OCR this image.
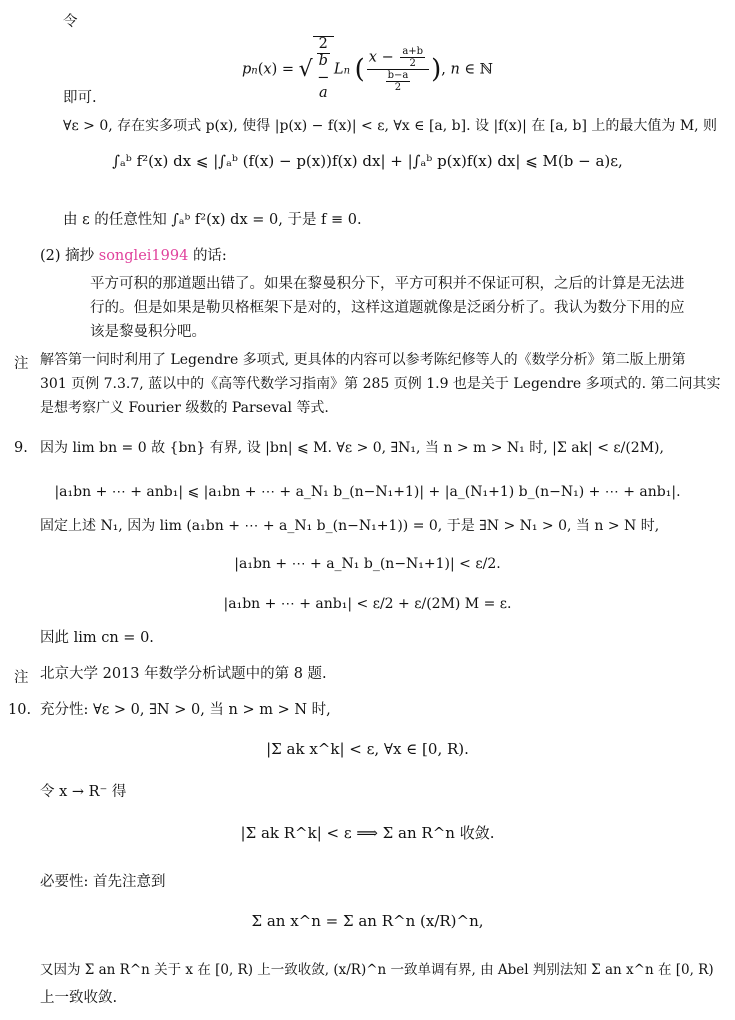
令
pn(x) = √
2
b
−
a
Ln ( $\frac{x - \frac{a+b}{2}}{\frac{b-a}{2}}$ ), n ∈ ℕ
即可.
∀ε > 0, 存在实多项式 p(x), 使得 |p(x) − f(x)| < ε, ∀x ∈ [a, b]. 设 |f(x)| 在 [a, b] 上的最大值为 M, 则
∫ₐᵇ f²(x) dx ⩽ |∫ₐᵇ (f(x) − p(x))f(x) dx| + |∫ₐᵇ p(x)f(x) dx| ⩽ M(b − a)ε,
由 ε 的任意性知 ∫ₐᵇ f²(x) dx = 0, 于是 f ≡ 0.
(2) 摘抄 songlei1994 的话:
平方可积的那道题出错了。如果在黎曼积分下，平方可积并不保证可积，之后的计算是无法进
行的。但是如果是勒贝格框架下是对的，这样这道题就像是泛函分析了。我认为数分下用的应
该是黎曼积分吧。
注 解答第一问时利用了 Legendre 多项式, 更具体的内容可以参考陈纪修等人的《数学分析》第二版上册第
301 页例 7.3.7, 蓝以中的《高等代数学习指南》第 285 页例 1.9 也是关于 Legendre 多项式的. 第二问其实
是想考察广义 Fourier 级数的 Parseval 等式.
9. 因为 lim bn = 0 故 {bn} 有界, 设 |bn| ⩽ M. ∀ε > 0, ∃N₁, 当 n > m > N₁ 时, |Σ ak| < ε/(2M),
|a₁bn + ⋯ + anb₁| ⩽ |a₁bn + ⋯ + a_N₁ b_(n−N₁+1)| + |a_(N₁+1) b_(n−N₁) + ⋯ + anb₁|.
固定上述 N₁, 因为 lim (a₁bn + ⋯ + a_N₁ b_(n−N₁+1)) = 0, 于是 ∃N > N₁ > 0, 当 n > N 时,
|a₁bn + ⋯ + a_N₁ b_(n−N₁+1)| < ε/2.
|a₁bn + ⋯ + anb₁| < ε/2 + ε/(2M) M = ε.
因此 lim cn = 0.
注 北京大学 2013 年数学分析试题中的第 8 题.
10. 充分性: ∀ε > 0, ∃N > 0, 当 n > m > N 时,
|Σ ak x^k| < ε, ∀x ∈ [0, R).
令 x → R⁻ 得
|Σ ak R^k| < ε ⟹ Σ an R^n 收敛.
必要性: 首先注意到
Σ an x^n = Σ an R^n (x/R)^n,
又因为 Σ an R^n 关于 x 在 [0, R) 上一致收敛, (x/R)^n 一致单调有界, 由 Abel 判别法知 Σ an x^n 在 [0, R)
上一致收敛.
